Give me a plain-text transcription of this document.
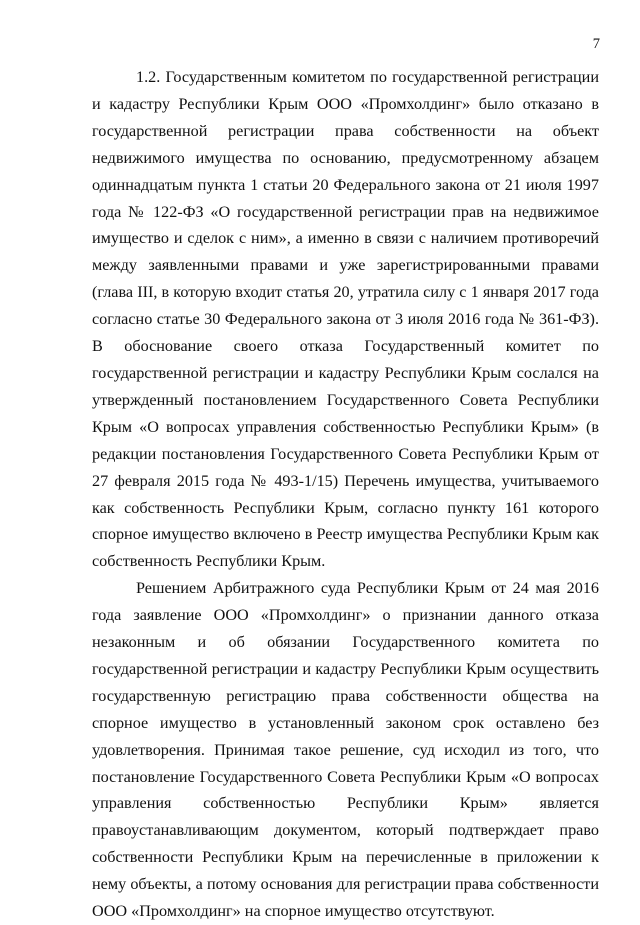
7

1.2. Государственным комитетом по государственной регистрации и кадастру Республики Крым ООО «Промхолдинг» было отказано в государственной регистрации права собственности на объект недвижимого имущества по основанию, предусмотренному абзацем одиннадцатым пункта 1 статьи 20 Федерального закона от 21 июля 1997 года № 122-ФЗ «О государственной регистрации прав на недвижимое имущество и сделок с ним», а именно в связи с наличием противоречий между заявленными правами и уже зарегистрированными правами (глава III, в которую входит статья 20, утратила силу с 1 января 2017 года согласно статье 30 Федерального закона от 3 июля 2016 года № 361-ФЗ). В обоснование своего отказа Государственный комитет по государственной регистрации и кадастру Республики Крым сослался на утвержденный постановлением Государственного Совета Республики Крым «О вопросах управления собственностью Республики Крым» (в редакции постановления Государственного Совета Республики Крым от 27 февраля 2015 года № 493-1/15) Перечень имущества, учитываемого как собственность Республики Крым, согласно пункту 161 которого спорное имущество включено в Реестр имущества Республики Крым как собственность Республики Крым.

Решением Арбитражного суда Республики Крым от 24 мая 2016 года заявление ООО «Промхолдинг» о признании данного отказа незаконным и об обязании Государственного комитета по государственной регистрации и кадастру Республики Крым осуществить государственную регистрацию права собственности общества на спорное имущество в установленный законом срок оставлено без удовлетворения. Принимая такое решение, суд исходил из того, что постановление Государственного Совета Республики Крым «О вопросах управления собственностью Республики Крым» является правоустанавливающим документом, который подтверждает право собственности Республики Крым на перечисленные в приложении к нему объекты, а потому основания для регистрации права собственности ООО «Промхолдинг» на спорное имущество отсутствуют.
